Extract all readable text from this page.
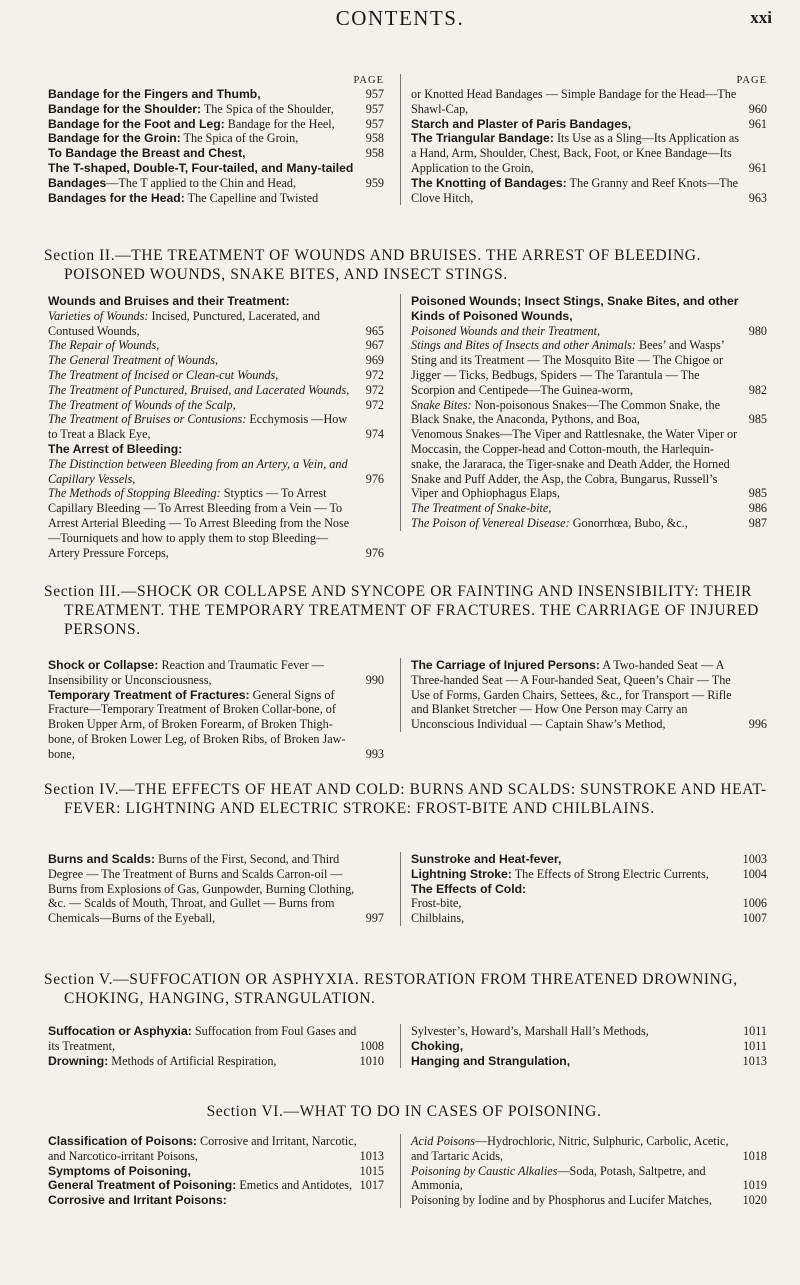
CONTENTS.	xxi
PAGE
Bandage for the Fingers and Thumb,	957
Bandage for the Shoulder: The Spica of the Shoulder,	957
Bandage for the Foot and Leg: Bandage for the Heel,	957
Bandage for the Groin: The Spica of the Groin,	958
To Bandage the Breast and Chest,	958
The T-shaped, Double-T, Four-tailed, and Many-tailed Bandages—The T applied to the Chin and Head,	959
Bandages for the Head: The Capelline and Twisted
PAGE
or Knotted Head Bandages — Simple Bandage for the Head—The Shawl-Cap,	960
Starch and Plaster of Paris Bandages,	961
The Triangular Bandage: Its Use as a Sling—Its Application as a Hand, Arm, Shoulder, Chest, Back, Foot, or Knee Bandage—Its Application to the Groin,	961
The Knotting of Bandages: The Granny and Reef Knots—The Clove Hitch,	963
Section II.—THE TREATMENT OF WOUNDS AND BRUISES. THE ARREST OF BLEEDING. POISONED WOUNDS, SNAKE BITES, AND INSECT STINGS.
Wounds and Bruises and their Treatment:
Varieties of Wounds: Incised, Punctured, Lacerated, and Contused Wounds,	965
The Repair of Wounds,	967
The General Treatment of Wounds,	969
The Treatment of Incised or Clean-cut Wounds,	972
The Treatment of Punctured, Bruised, and Lacerated Wounds,	972
The Treatment of Wounds of the Scalp,	972
The Treatment of Bruises or Contusions: Ecchymosis —How to Treat a Black Eye,	974
The Arrest of Bleeding:
The Distinction between Bleeding from an Artery, a Vein, and Capillary Vessels,	976
The Methods of Stopping Bleeding: Styptics — To Arrest Capillary Bleeding — To Arrest Bleeding from a Vein — To Arrest Arterial Bleeding — To Arrest Bleeding from the Nose—Tourniquets and how to apply them to stop Bleeding—Artery Pressure Forceps,	976
Poisoned Wounds; Insect Stings, Snake Bites, and other Kinds of Poisoned Wounds,
Poisoned Wounds and their Treatment,	980
Stings and Bites of Insects and other Animals: Bees’ and Wasps’ Sting and its Treatment — The Mosquito Bite — The Chigoe or Jigger — Ticks, Bedbugs, Spiders — The Tarantula — The Scorpion and Centipede—The Guinea-worm,	982
Snake Bites: Non-poisonous Snakes—The Common Snake, the Black Snake, the Anaconda, Pythons, and Boa,	985
Venomous Snakes—The Viper and Rattlesnake, the Water Viper or Moccasin, the Copper-head and Cotton-mouth, the Harlequin-snake, the Jararaca, the Tiger-snake and Death Adder, the Horned Snake and Puff Adder, the Asp, the Cobra, Bungarus, Russell’s Viper and Ophiophagus Elaps,	985
The Treatment of Snake-bite,	986
The Poison of Venereal Disease: Gonorrhœa, Bubo, &c.,	987
Section III.—SHOCK OR COLLAPSE AND SYNCOPE OR FAINTING AND INSENSIBILITY: THEIR TREATMENT. THE TEMPORARY TREATMENT OF FRACTURES. THE CARRIAGE OF INJURED PERSONS.
Shock or Collapse: Reaction and Traumatic Fever —Insensibility or Unconsciousness,	990
Temporary Treatment of Fractures: General Signs of Fracture—Temporary Treatment of Broken Collar-bone, of Broken Upper Arm, of Broken Forearm, of Broken Thigh-bone, of Broken Lower Leg, of Broken Ribs, of Broken Jaw-bone,	993
The Carriage of Injured Persons: A Two-handed Seat — A Three-handed Seat — A Four-handed Seat, Queen’s Chair — The Use of Forms, Garden Chairs, Settees, &c., for Transport — Rifle and Blanket Stretcher — How One Person may Carry an Unconscious Individual — Captain Shaw’s Method,	996
Section IV.—THE EFFECTS OF HEAT AND COLD: BURNS AND SCALDS: SUNSTROKE AND HEAT-FEVER: LIGHTNING AND ELECTRIC STROKE: FROST-BITE AND CHILBLAINS.
Burns and Scalds: Burns of the First, Second, and Third Degree — The Treatment of Burns and Scalds Carron-oil — Burns from Explosions of Gas, Gunpowder, Burning Clothing, &c. — Scalds of Mouth, Throat, and Gullet — Burns from Chemicals—Burns of the Eyeball,	997
Sunstroke and Heat-fever,	1003
Lightning Stroke: The Effects of Strong Electric Currents,	1004
The Effects of Cold:
Frost-bite,	1006
Chilblains,	1007
Section V.—SUFFOCATION OR ASPHYXIA. RESTORATION FROM THREATENED DROWNING, CHOKING, HANGING, STRANGULATION.
Suffocation or Asphyxia: Suffocation from Foul Gases and its Treatment,	1008
Drowning: Methods of Artificial Respiration,	1010
Sylvester’s, Howard’s, Marshall Hall’s Methods,	1011
Choking,	1011
Hanging and Strangulation,	1013
Section VI.—WHAT TO DO IN CASES OF POISONING.
Classification of Poisons: Corrosive and Irritant, Narcotic, and Narcotico-irritant Poisons,	1013
Symptoms of Poisoning,	1015
General Treatment of Poisoning: Emetics and Antidotes, 1017
Corrosive and Irritant Poisons:
Acid Poisons—Hydrochloric, Nitric, Sulphuric, Carbolic, Acetic, and Tartaric Acids,	1018
Poisoning by Caustic Alkalies—Soda, Potash, Saltpetre, and Ammonia,	1019
Poisoning by Iodine and by Phosphorus and Lucifer Matches,	1020
